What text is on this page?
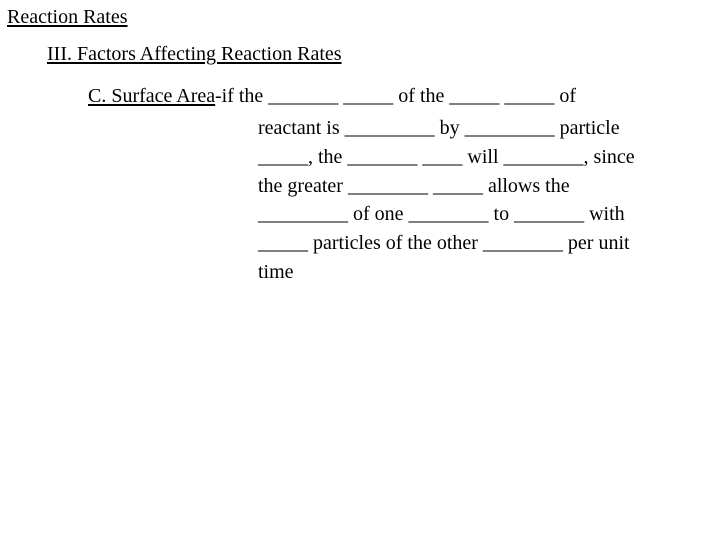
Reaction Rates
III. Factors Affecting Reaction Rates
C. Surface Area -if the _______ _____ of the _____ _____ of
reactant is _________ by _________ particle
_____, the _______ ____ will ________, since
the greater ________ _____ allows the
_________ of one ________ to _______ with
_____ particles of the other ________ per unit
time
